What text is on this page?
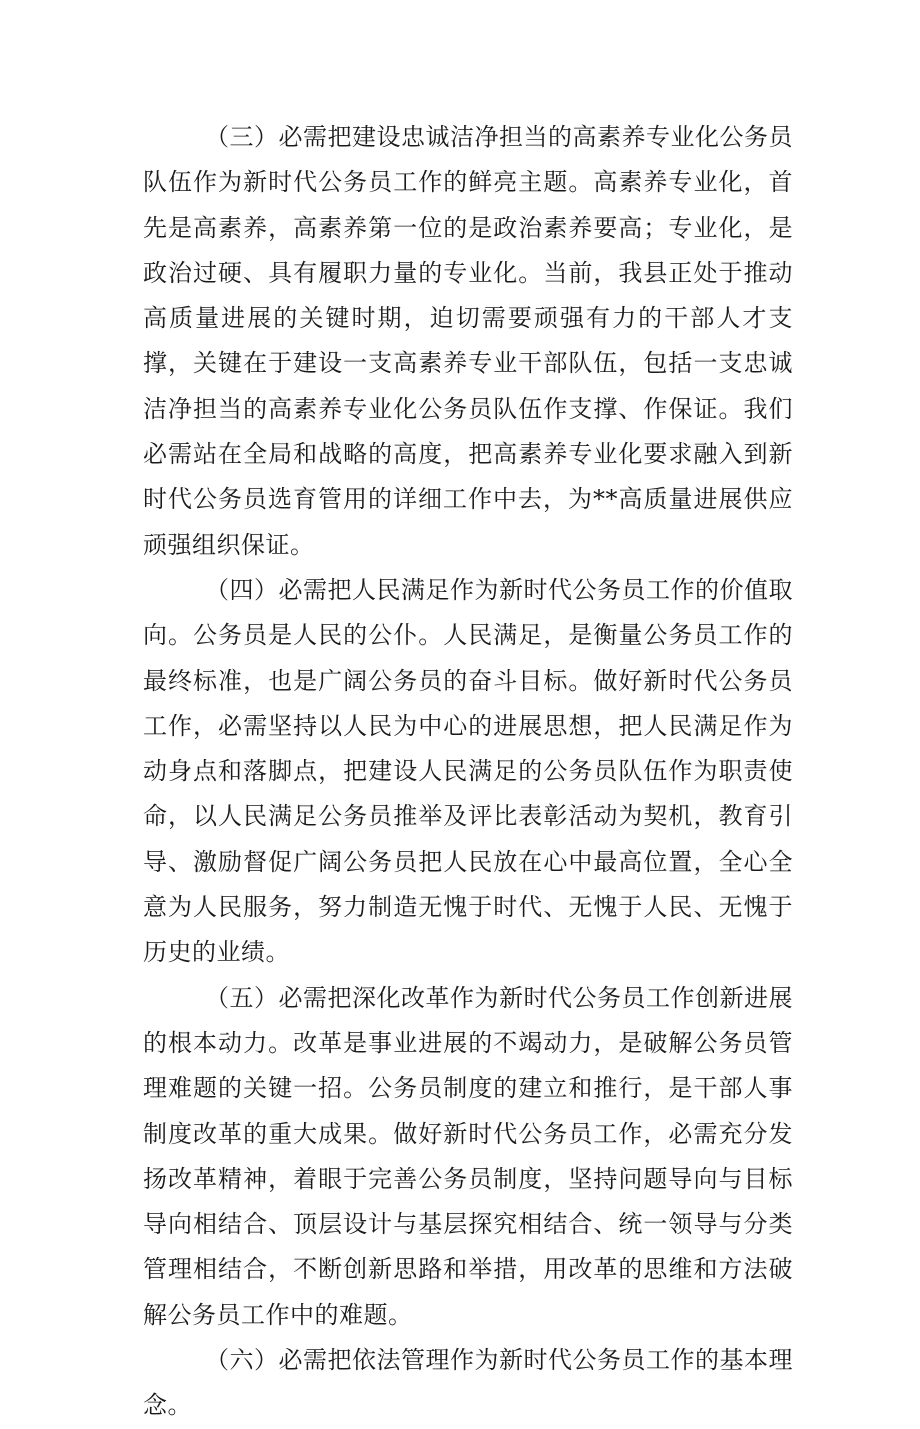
（三）必需把建设忠诚洁净担当的高素养专业化公务员队伍作为新时代公务员工作的鲜亮主题。高素养专业化，首先是高素养，高素养第一位的是政治素养要高；专业化，是政治过硬、具有履职力量的专业化。当前，我县正处于推动高质量进展的关键时期，迫切需要顽强有力的干部人才支撑，关键在于建设一支高素养专业干部队伍，包括一支忠诚洁净担当的高素养专业化公务员队伍作支撑、作保证。我们必需站在全局和战略的高度，把高素养专业化要求融入到新时代公务员选育管用的详细工作中去，为**高质量进展供应顽强组织保证。

（四）必需把人民满足作为新时代公务员工作的价值取向。公务员是人民的公仆。人民满足，是衡量公务员工作的最终标准，也是广阔公务员的奋斗目标。做好新时代公务员工作，必需坚持以人民为中心的进展思想，把人民满足作为动身点和落脚点，把建设人民满足的公务员队伍作为职责使命，以人民满足公务员推举及评比表彰活动为契机，教育引导、激励督促广阔公务员把人民放在心中最高位置，全心全意为人民服务，努力制造无愧于时代、无愧于人民、无愧于历史的业绩。

（五）必需把深化改革作为新时代公务员工作创新进展的根本动力。改革是事业进展的不竭动力，是破解公务员管理难题的关键一招。公务员制度的建立和推行，是干部人事制度改革的重大成果。做好新时代公务员工作，必需充分发扬改革精神，着眼于完善公务员制度，坚持问题导向与目标导向相结合、顶层设计与基层探究相结合、统一领导与分类管理相结合，不断创新思路和举措，用改革的思维和方法破解公务员工作中的难题。

（六）必需把依法管理作为新时代公务员工作的基本理念。
